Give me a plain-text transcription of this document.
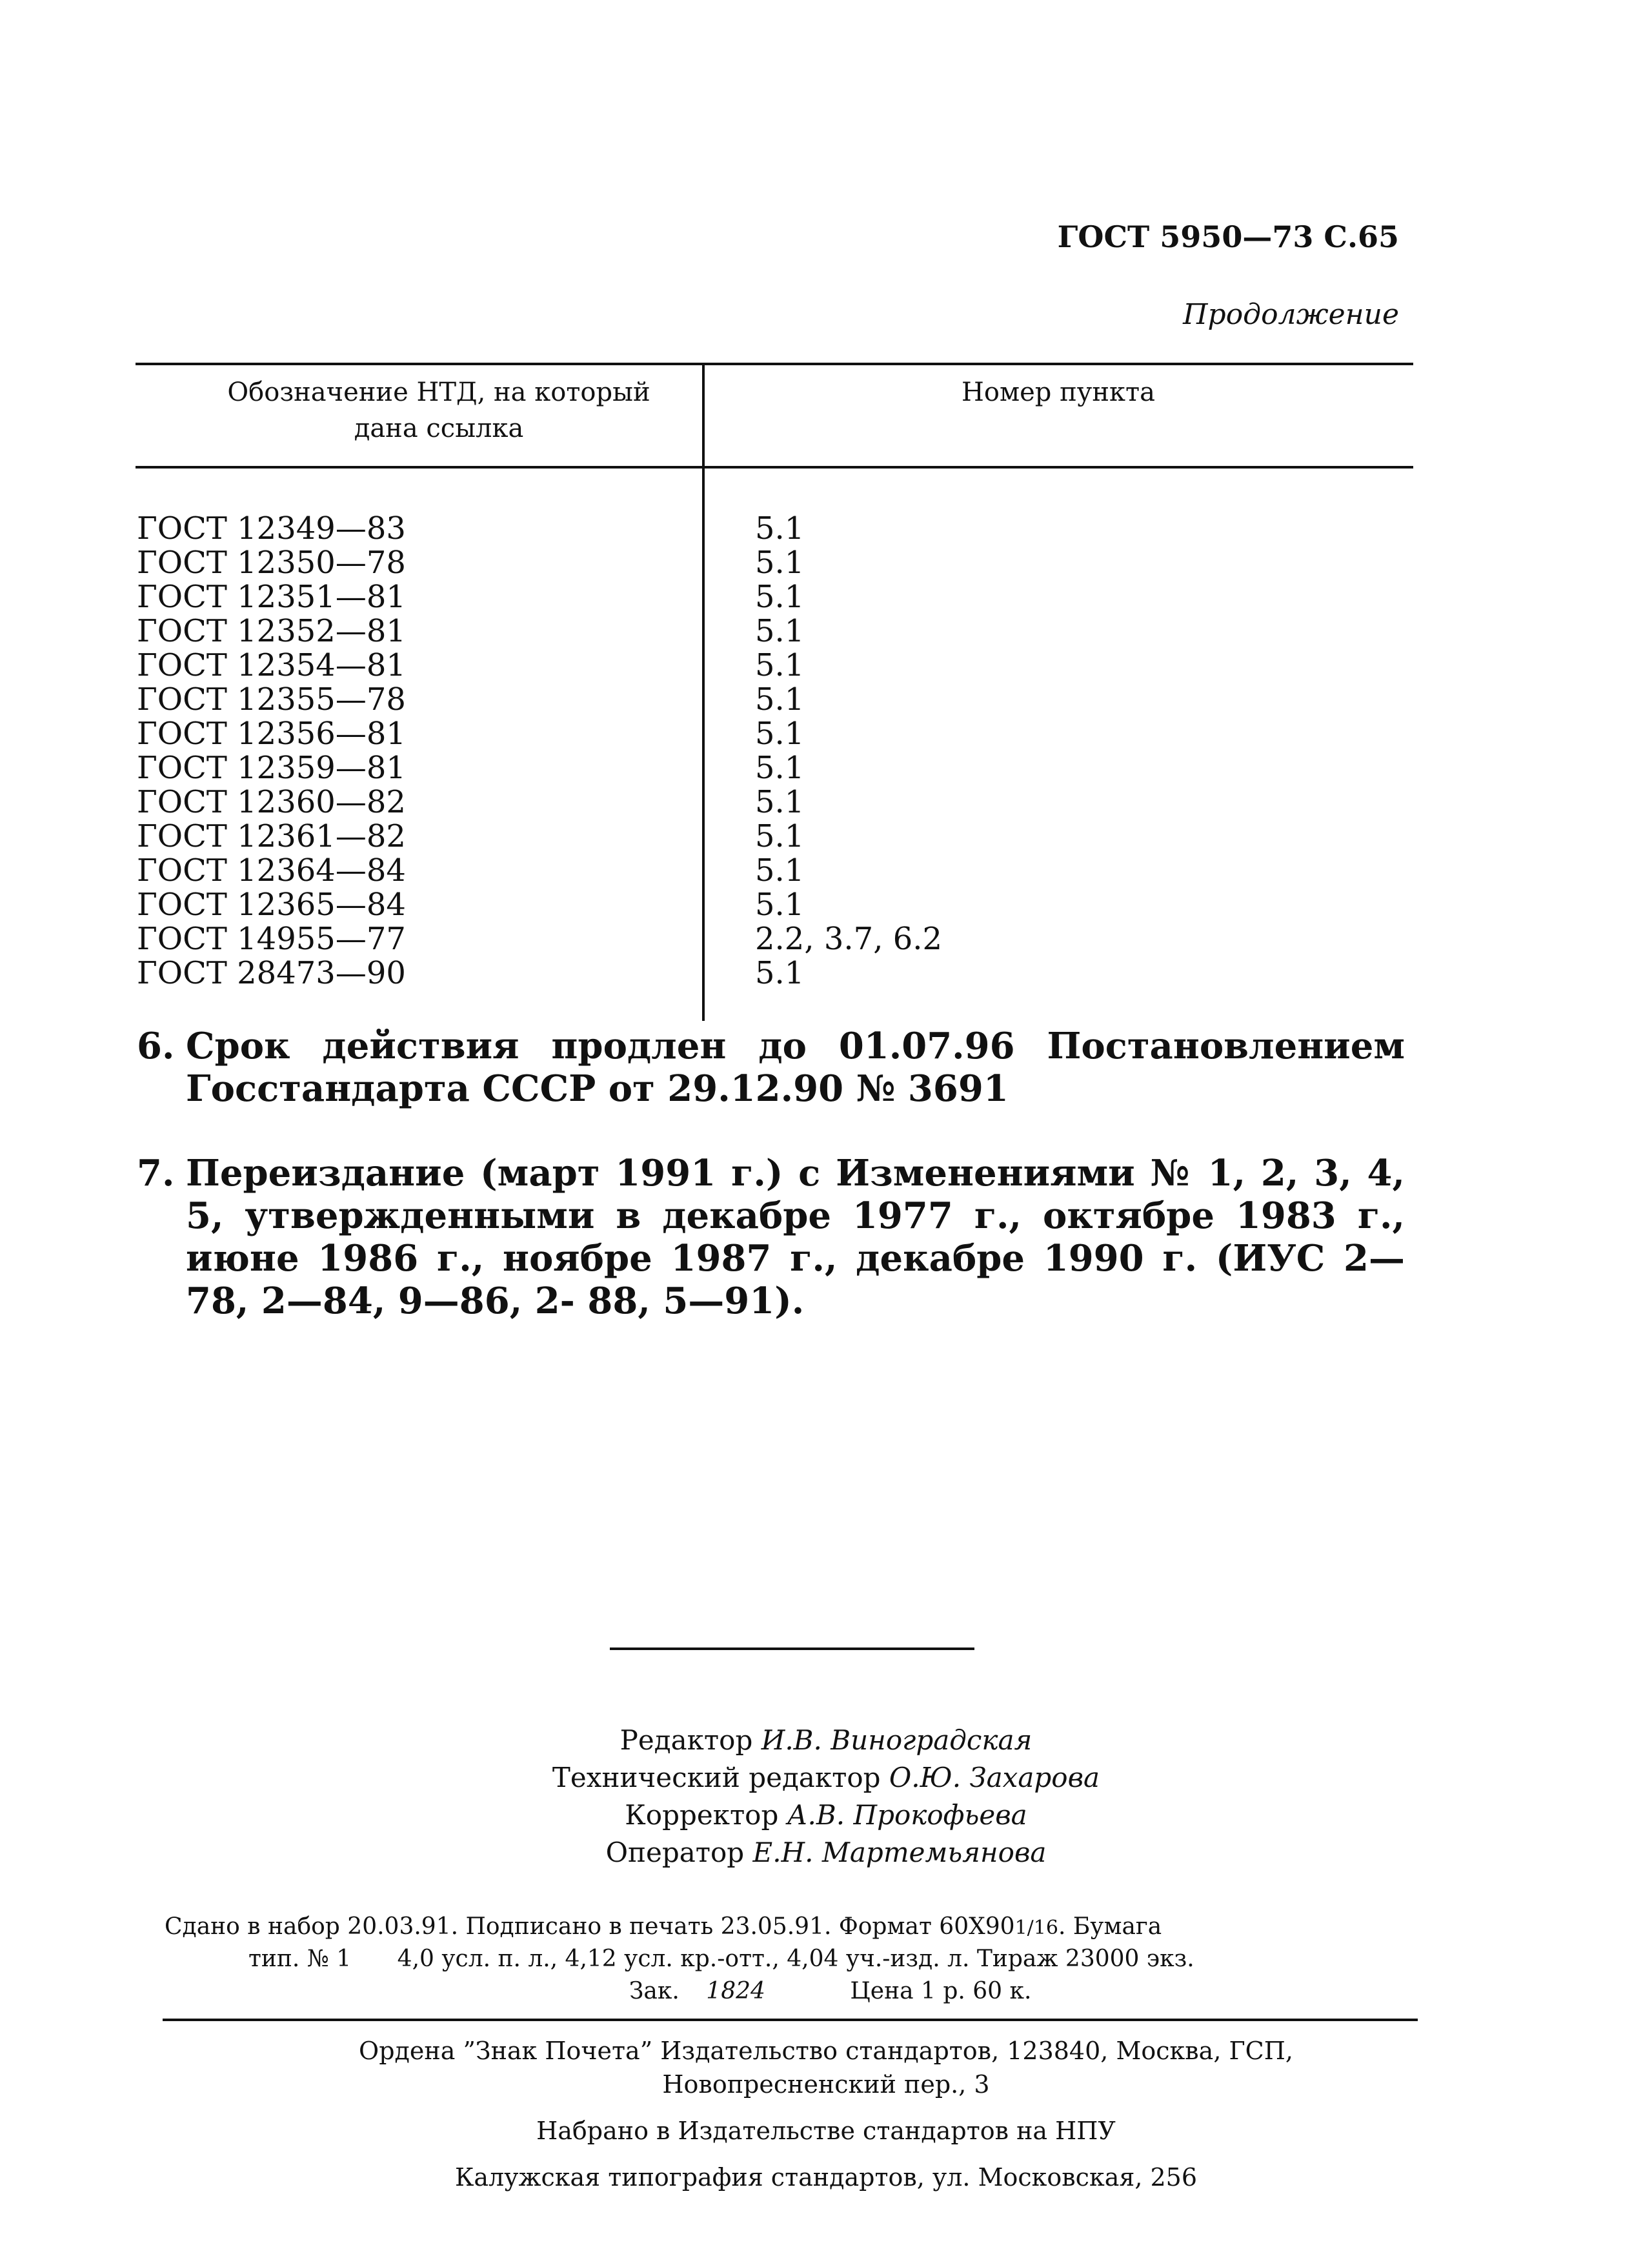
ГОСТ 5950—73 С.65
Продолжение
Обозначение НТД, на который дана ссылка
Номер пункта
ГОСТ 12349—83
ГОСТ 12350—78
ГОСТ 12351—81
ГОСТ 12352—81
ГОСТ 12354—81
ГОСТ 12355—78
ГОСТ 12356—81
ГОСТ 12359—81
ГОСТ 12360—82
ГОСТ 12361—82
ГОСТ 12364—84
ГОСТ 12365—84
ГОСТ 14955—77
ГОСТ 28473—90
5.1
5.1
5.1
5.1
5.1
5.1
5.1
5.1
5.1
5.1
5.1
5.1
2.2, 3.7, 6.2
5.1
6. Срок действия продлен до 01.07.96 Постановлением Госстандарта СССР от 29.12.90 № 3691
7. Переиздание (март 1991 г.) с Изменениями № 1, 2, 3, 4, 5, утвержденными в декабре 1977 г., октябре 1983 г., июне 1986 г., ноябре 1987 г., декабре 1990 г. (ИУС 2—78, 2—84, 9—86, 2- 88, 5—91).
Редактор И.В. Виноградская
Технический редактор О.Ю. Захарова
Корректор А.В. Прокофьева
Оператор Е.Н. Мартемьянова
Сдано в набор 20.03.91. Подписано в печать 23.05.91. Формат 60Х901/16. Бумага
тип. № 1 4,0 усл. п. л., 4,12 усл. кр.-отт., 4,04 уч.-изд. л. Тираж 23000 экз.
Зак. 1824	Цена 1 р. 60 к.
Ордена ”Знак Почета” Издательство стандартов, 123840, Москва, ГСП,
Новопресненский пер., 3
Набрано в Издательстве стандартов на НПУ
Калужская типография стандартов, ул. Московская, 256
